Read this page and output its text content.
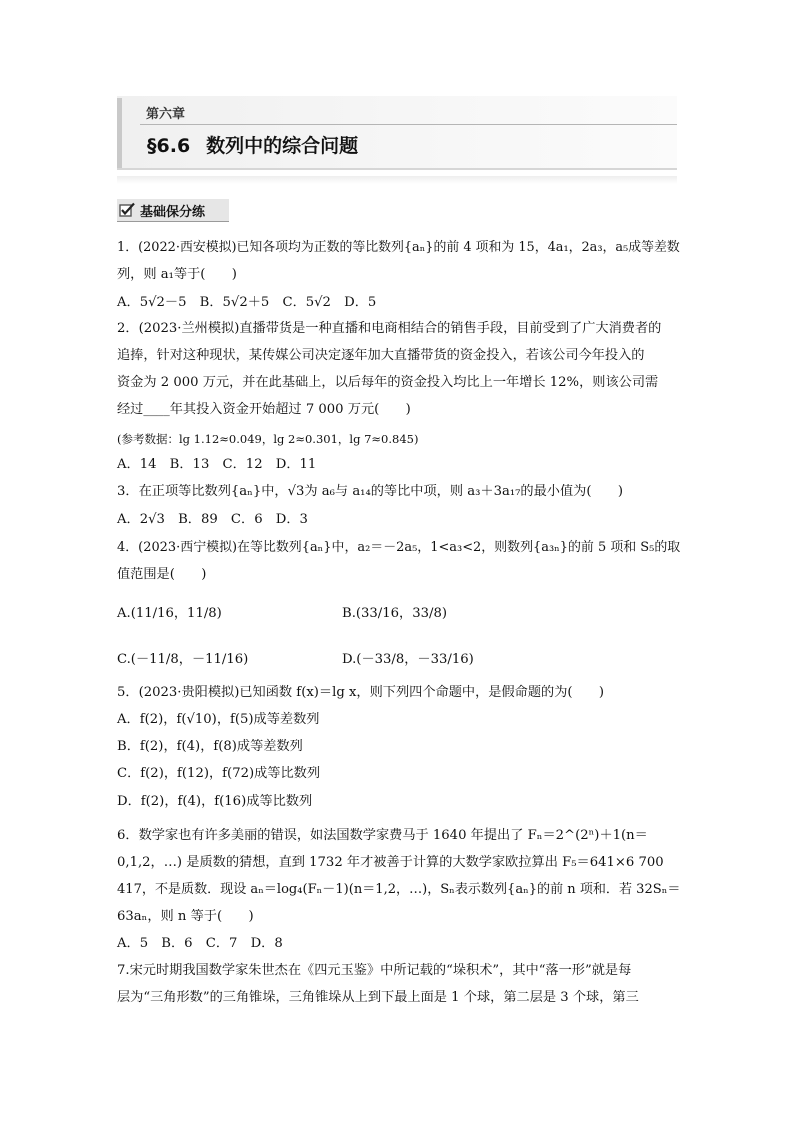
第六章
§6.6 数列中的综合问题
基础保分练
1．(2022·西安模拟)已知各项均为正数的等比数列{aₙ}的前 4 项和为 15，4a₁，2a₃，a₅成等差数
列，则 a₁等于(　　)
A．5√2－5　B．5√2＋5　C．5√2　D．5
2．(2023·兰州模拟)直播带货是一种直播和电商相结合的销售手段，目前受到了广大消费者的
追捧，针对这种现状，某传媒公司决定逐年加大直播带货的资金投入，若该公司今年投入的
资金为 2 000 万元，并在此基础上，以后每年的资金投入均比上一年增长 12%，则该公司需
经过____年其投入资金开始超过 7 000 万元(　　)
(参考数据：lg 1.12≈0.049，lg 2≈0.301，lg 7≈0.845)
A．14　B．13　C．12　D．11
3．在正项等比数列{aₙ}中，√3为 a₆与 a₁₄的等比中项，则 a₃＋3a₁₇的最小值为(　　)
A．2√3　B．89　C．6　D．3
4．(2023·西宁模拟)在等比数列{aₙ}中，a₂＝－2a₅，1<a₃<2，则数列{a₃ₙ}的前 5 项和 S₅的取
值范围是(　　)
A.(11/16，11/8)	B.(33/16，33/8)
C.(－11/8，－11/16)	D.(－33/8，－33/16)
5．(2023·贵阳模拟)已知函数 f(x)＝lg x，则下列四个命题中，是假命题的为(　　)
A．f(2)，f(√10)，f(5)成等差数列
B．f(2)，f(4)，f(8)成等差数列
C．f(2)，f(12)，f(72)成等比数列
D．f(2)，f(4)，f(16)成等比数列
6．数学家也有许多美丽的错误，如法国数学家费马于 1640 年提出了 Fₙ＝2^(2ⁿ)＋1(n＝
0,1,2，…) 是质数的猜想，直到 1732 年才被善于计算的大数学家欧拉算出 F₅＝641×6 700
417，不是质数．现设 aₙ＝log₄(Fₙ－1)(n＝1,2，…)，Sₙ表示数列{aₙ}的前 n 项和．若 32Sₙ＝
63aₙ，则 n 等于(　　)
A．5　B．6　C．7　D．8
7.宋元时期我国数学家朱世杰在《四元玉鉴》中所记载的“垛积术”，其中“落一形”就是每
层为“三角形数”的三角锥垛，三角锥垛从上到下最上面是 1 个球，第二层是 3 个球，第三
